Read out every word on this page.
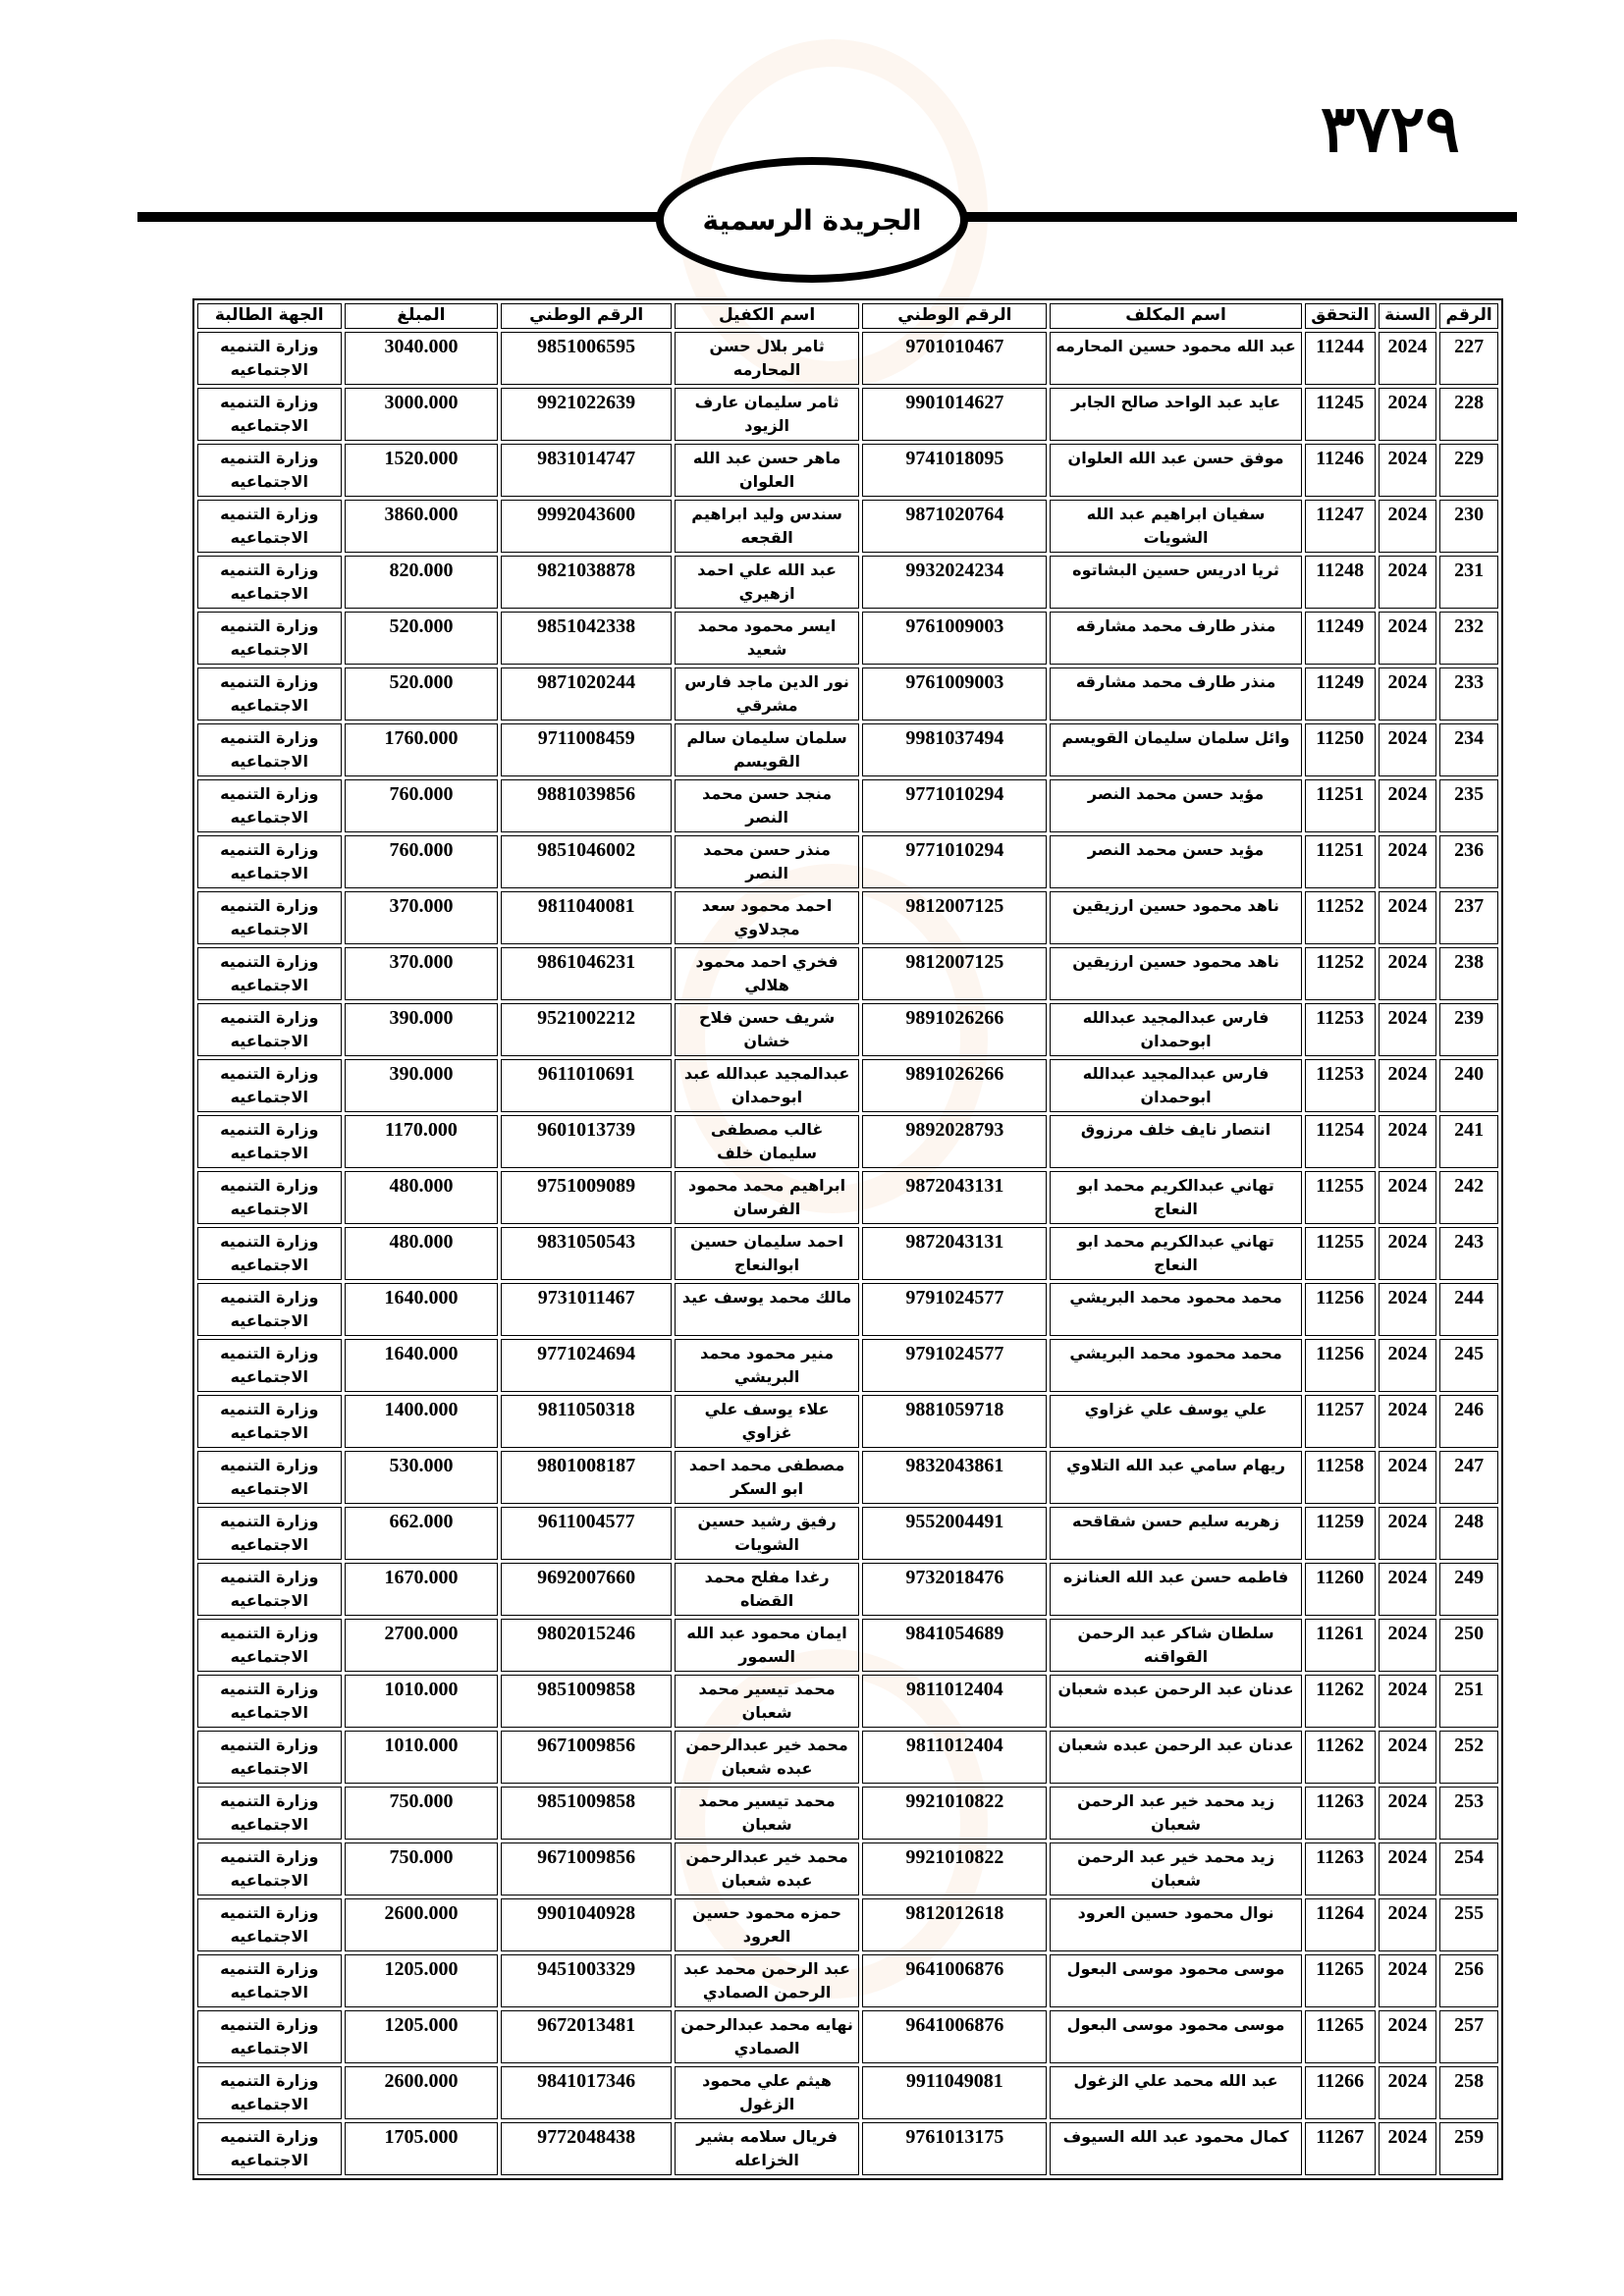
٣٧٢٩
الجريدة الرسمية
الرقم	السنة	التحقق	اسم المكلف	الرقم الوطني	اسم الكفيل	الرقم الوطني	المبلغ	الجهة الطالبة
227	2024	11244	عبد الله محمود حسين المحارمه	9701010467	ثامر بلال حسن المحارمه	9851006595	3040.000	وزارة التنميه الاجتماعيه
228	2024	11245	عايد عبد الواحد صالح الجابر	9901014627	ثامر سليمان عارف الزيود	9921022639	3000.000	وزارة التنميه الاجتماعيه
229	2024	11246	موفق حسن عبد الله العلوان	9741018095	ماهر حسن عبد الله العلوان	9831014747	1520.000	وزارة التنميه الاجتماعيه
230	2024	11247	سفيان ابراهيم عبد الله الشويات	9871020764	سندس وليد ابراهيم القجعه	9992043600	3860.000	وزارة التنميه الاجتماعيه
231	2024	11248	ثريا ادريس حسين البشاتوه	9932024234	عبد الله علي احمد ازهيري	9821038878	820.000	وزارة التنميه الاجتماعيه
232	2024	11249	منذر طارف محمد مشارقه	9761009003	ايسر محمود محمد شعيد	9851042338	520.000	وزارة التنميه الاجتماعيه
233	2024	11249	منذر طارف محمد مشارقه	9761009003	نور الدين ماجد فارس مشرقي	9871020244	520.000	وزارة التنميه الاجتماعيه
234	2024	11250	وائل سلمان سليمان القويسم	9981037494	سلمان سليمان سالم القويسم	9711008459	1760.000	وزارة التنميه الاجتماعيه
235	2024	11251	مؤيد حسن محمد النصر	9771010294	منجد حسن محمد النصر	9881039856	760.000	وزارة التنميه الاجتماعيه
236	2024	11251	مؤيد حسن محمد النصر	9771010294	منذر حسن محمد النصر	9851046002	760.000	وزارة التنميه الاجتماعيه
237	2024	11252	ناهد محمود حسين ارزيقين	9812007125	احمد محمود سعد مجدلاوي	9811040081	370.000	وزارة التنميه الاجتماعيه
238	2024	11252	ناهد محمود حسين ارزيقين	9812007125	فخري احمد محمود هلالي	9861046231	370.000	وزارة التنميه الاجتماعيه
239	2024	11253	فارس عبدالمجيد عبدالله ابوحمدان	9891026266	شريف حسن فلاح خشان	9521002212	390.000	وزارة التنميه الاجتماعيه
240	2024	11253	فارس عبدالمجيد عبدالله ابوحمدان	9891026266	عبدالمجيد عبدالله عبد ابوحمدان	9611010691	390.000	وزارة التنميه الاجتماعيه
241	2024	11254	انتصار نايف خلف مرزوق	9892028793	غالب مصطفى سليمان خلف	9601013739	1170.000	وزارة التنميه الاجتماعيه
242	2024	11255	تهاني عبدالكريم محمد ابو النعاج	9872043131	ابراهيم محمد محمود الفرسان	9751009089	480.000	وزارة التنميه الاجتماعيه
243	2024	11255	تهاني عبدالكريم محمد ابو النعاج	9872043131	احمد سليمان حسين ابوالنعاج	9831050543	480.000	وزارة التنميه الاجتماعيه
244	2024	11256	محمد محمود محمد البريشي	9791024577	مالك محمد يوسف عيد	9731011467	1640.000	وزارة التنميه الاجتماعيه
245	2024	11256	محمد محمود محمد البريشي	9791024577	منير محمود محمد البريشي	9771024694	1640.000	وزارة التنميه الاجتماعيه
246	2024	11257	علي يوسف علي غزاوي	9881059718	علاء يوسف علي غزاوي	9811050318	1400.000	وزارة التنميه الاجتماعيه
247	2024	11258	ريهام سامي عبد الله التلاوي	9832043861	مصطفى محمد احمد ابو السكر	9801008187	530.000	وزارة التنميه الاجتماعيه
248	2024	11259	زهريه سليم حسن شقاقحه	9552004491	رفيق رشيد حسين الشويات	9611004577	662.000	وزارة التنميه الاجتماعيه
249	2024	11260	فاطمه حسن عبد الله العنانزه	9732018476	رغدا مفلح محمد القضاه	9692007660	1670.000	وزارة التنميه الاجتماعيه
250	2024	11261	سلطان شاكر عبد الرحمن القواقنه	9841054689	ايمان محمود عبد الله السمور	9802015246	2700.000	وزارة التنميه الاجتماعيه
251	2024	11262	عدنان عبد الرحمن عبده شعبان	9811012404	محمد تيسير محمد شعبان	9851009858	1010.000	وزارة التنميه الاجتماعيه
252	2024	11262	عدنان عبد الرحمن عبده شعبان	9811012404	محمد خير عبدالرحمن عبده شعبان	9671009856	1010.000	وزارة التنميه الاجتماعيه
253	2024	11263	زيد محمد خير عبد الرحمن شعبان	9921010822	محمد تيسير محمد شعبان	9851009858	750.000	وزارة التنميه الاجتماعيه
254	2024	11263	زيد محمد خير عبد الرحمن شعبان	9921010822	محمد خير عبدالرحمن عبده شعبان	9671009856	750.000	وزارة التنميه الاجتماعيه
255	2024	11264	نوال محمود حسين العرود	9812012618	حمزه محمود حسين العرود	9901040928	2600.000	وزارة التنميه الاجتماعيه
256	2024	11265	موسى محمود موسى البعول	9641006876	عبد الرحمن محمد عبد الرحمن الصمادي	9451003329	1205.000	وزارة التنميه الاجتماعيه
257	2024	11265	موسى محمود موسى البعول	9641006876	نهايه محمد عبدالرحمن الصمادي	9672013481	1205.000	وزارة التنميه الاجتماعيه
258	2024	11266	عبد الله محمد علي الزغول	9911049081	هيثم علي محمود الزغول	9841017346	2600.000	وزارة التنميه الاجتماعيه
259	2024	11267	كمال محمود عبد الله السيوف	9761013175	فريال سلامه بشير الخزاعله	9772048438	1705.000	وزارة التنميه الاجتماعيه
